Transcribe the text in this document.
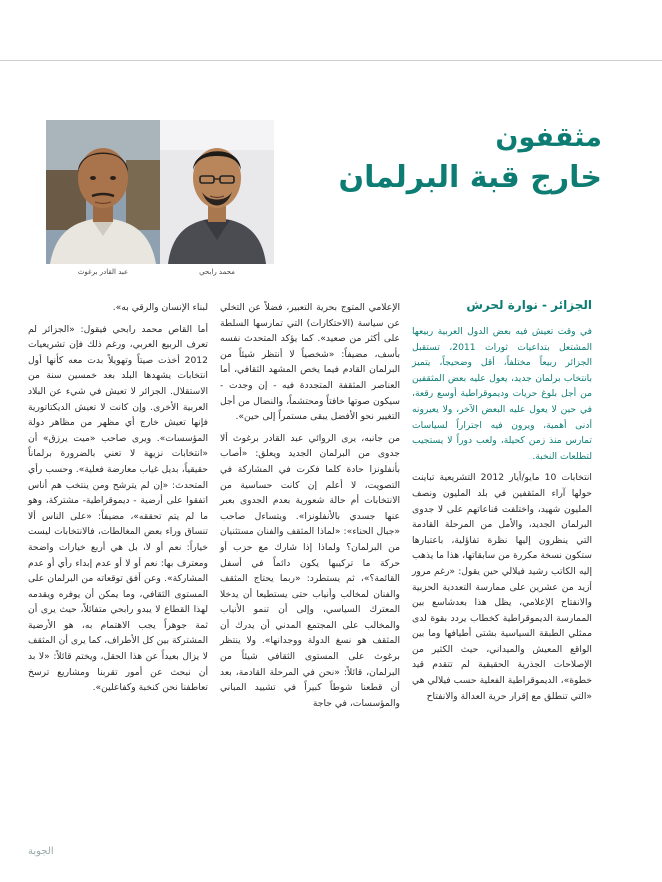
محمد رابحي
عبد القادر برغوث
مثقفون
خارج قبة البرلمان
الجزائر - نوارة لحرش

في وقت تعيش فيه بعض الدول العربية ربيعها المشتعل بتداعيات ثورات 2011، تستقبل الجزائر ربيعاً مختلفاً، أقل وضحيجاً، يتميز بانتخاب برلمان جديد، يعول عليه بعض المثقفين من أجل بلوغ حريات وديموقراطية أوسع رقعة، في حين لا يعول عليه البعض الآخر، ولا يعيرونه أدنى أهمية، ويرون فيه اجتراراً لسياسات تمارس منذ زمن كحيلة، ولعب دوراً لا يستجيب لتطلعات النخبة.

انتخابات 10 مايو/أيار 2012 التشريعية تباينت حولها آراء المثقفين في بلد المليون ونصف المليون شهيد، واختلفت قناعاتهم على لا جدوى البرلمان الجديد، والأمل من المرحلة القادمة التي ينظرون إليها نظرة تفاؤلية، باعتبارها ستكون نسخة مكررة من سابقاتها، هذا ما يذهب إليه الكاتب رشيد فيلالي حين يقول: «رغم مرور أزيد من عشرين على ممارسة التعددية الحزبية والانفتاح الإعلامي، يظل هذا بعدشاسع بين الممارسة الديموقراطية كخطاب يردد بقوة لدى ممثلي الطبقة السياسية بشتى أطيافها وما بين الواقع المعيش والميداني، حيث الكثير من الإصلاحات الجذرية الحقيقية لم تتقدم قيد خطوة»، الديموقراطية الفعلية حسب فيلالي هي «التي تنطلق مع إقرار حرية العدالة والانفتاح

الإعلامي المتوج بحرية التعبير، فضلاً عن التخلي عن سياسة (الاحتكارات) التي تمارسها السلطة على أكثر من صعيد». كما يؤكد المتحدث نفسه بأسف، مضيفاً: «شخصياً لا أنتظر شيئاً من البرلمان القادم فيما يخص المشهد الثقافي، أما العناصر المثقفة المتجددة فيه - إن وجدت - سيكون صوتها خافتاً ومحتشماً، والنضال من أجل التغيير نحو الأفضل يبقى مستمراً إلى حين».

من جانبه، يرى الروائي عبد القادر برغوث ألا جدوى من البرلمان الجديد ويعلق: «أصاب بأنفلونزا حادة كلما فكرت في المشاركة في التصويت، لا أعلم إن كانت حساسية من الانتخابات أم حالة شعورية بعدم الجدوى بعبر عنها جسدي بالأنفلونزا». ويتساءل صاحب «جبال الحناء»: «لماذا المثقف والفنان مستثنيان من البرلمان؟ ولماذا إذا شارك مع حزب أو حركة ما تركيبها يكون دائماً في أسفل القائمة؟»، ثم يستطرد: «ربما يحتاج المثقف والفنان لمخالب وأنياب حتى يستطيعا أن يدخلا المعترك السياسي، وإلى أن تنمو الأنياب والمخالب على المجتمع المدني أن يدرك أن المثقف هو نسغ الدولة ووجدانها». ولا ينتظر برغوث على المستوى الثقافي شيئاً من البرلمان، قائلاً: «نحن في المرحلة القادمة، بعد أن قطعنا شوطاً كبيراً في تشييد المباني والمؤسسات، في حاجة

لبناء الإنسان والرقي به».

أما القاص محمد رابحي فيقول: «الجزائر لم تعرف الربيع العربي، ورغم ذلك فإن تشريعيات 2012 أخذت صيتاً وتهويلاً بدت معه كأنها أول انتخابات يشهدها البلد بعد خمسين سنة من الاستقلال. الجزائر لا تعيش في شيء عن البلاد العربية الأخرى. وإن كانت لا تعيش الديكتاتورية فإنها تعيش خارج أي مظهر من مظاهر دولة المؤسسات». ويرى صاحب «ميت يرزق» أن «انتخابات نزيهة لا تعني بالضرورة برلماناً حقيقياً، بديل غياب معارضة فعلية». وحسب رأي المتحدث: «إن لم يترشح ومن ينتخب هم أناس اتفقوا على أرضية - ديموقراطية- مشتركة، وهو ما لم يتم تحققه»، مضيفاً: «على الناس ألا تنساق وراء بعض المغالطات، فالانتخابات ليست خياراً: نعم أو لا، بل هي أربع خيارات واضحة ومعترف بها: نعم أو لا أو عدم إبداء رأي أو عدم المشاركة». وعن أفق توقعاته من البرلمان على المستوى الثقافي، وما يمكن أن يوفره ويقدمه لهذا القطاع لا يبدو رابحي متفائلاً، حيث يرى أن ثمة جوهراً يجب الاهتمام به، هو الأرضية المشتركة بين كل الأطراف، كما يرى أن المثقف لا يزال بعيداً عن هذا الحقل، ويختم قائلاً: «لا بد أن نبحث عن أمور تقربنا ومشاريع ترسخ تعاطفنا نحن كنخبة وكفاعلين».

الجوبة
